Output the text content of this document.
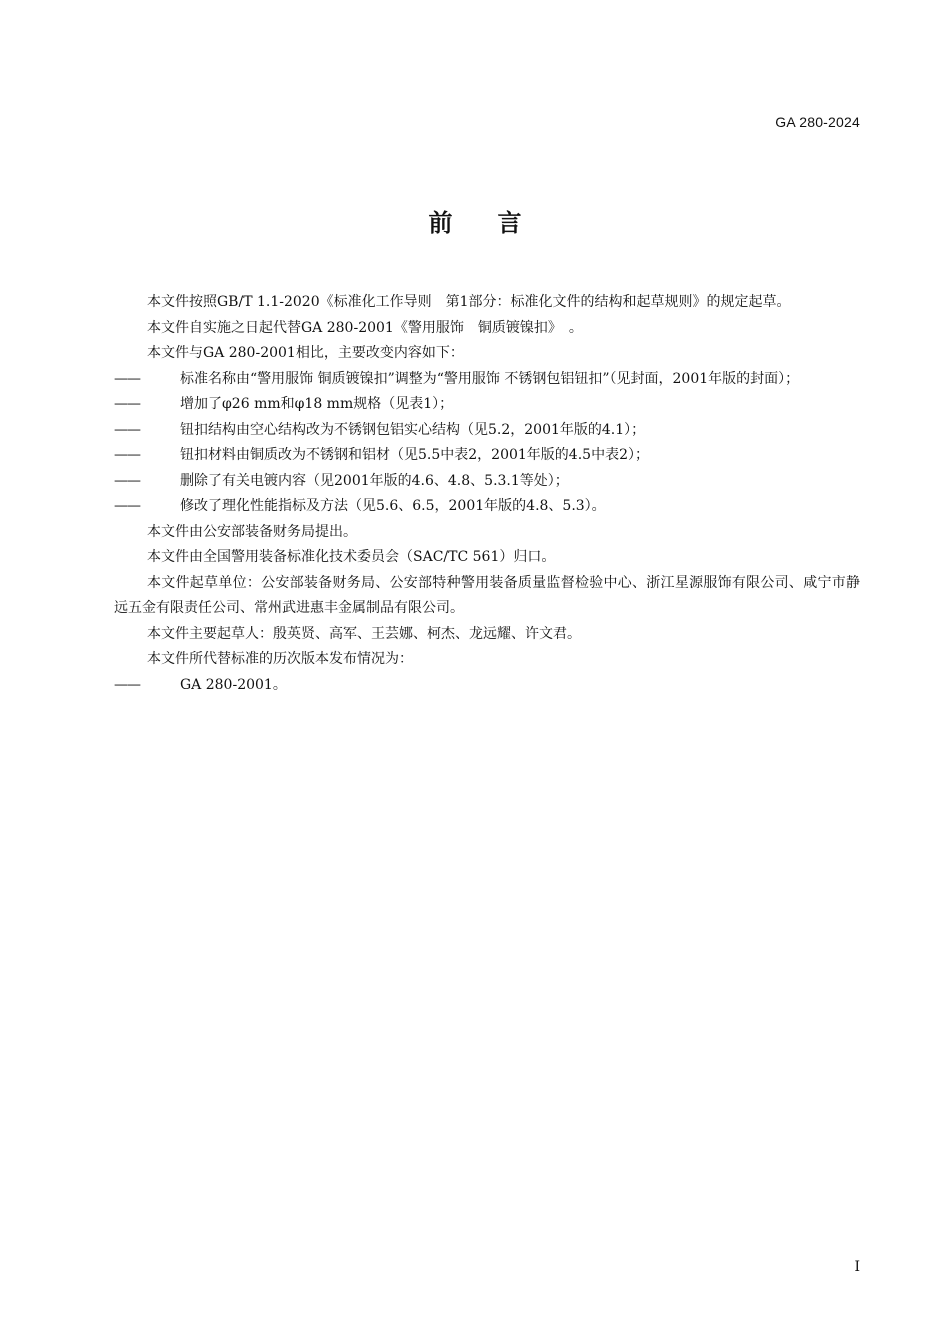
GA 280-2024
前言

本文件按照GB/T 1.1-2020《标准化工作导则　第1部分：标准化文件的结构和起草规则》的规定起草。

本文件自实施之日起代替GA 280-2001《警用服饰　铜质镀镍扣》　。

本文件与GA 280-2001相比，主要改变内容如下：

——	标准名称由“警用服饰 铜质镀镍扣”调整为“警用服饰 不锈钢包铝钮扣”（见封面，2001年版的封面）；

——	增加了φ26 mm和φ18 mm规格（见表1）；

——	钮扣结构由空心结构改为不锈钢包铝实心结构（见5.2，2001年版的4.1）；

——	钮扣材料由铜质改为不锈钢和铝材（见5.5中表2，2001年版的4.5中表2）；

——	删除了有关电镀内容（见2001年版的4.6、4.8、5.3.1等处）；

——	修改了理化性能指标及方法（见5.6、6.5，2001年版的4.8、5.3）。

本文件由公安部装备财务局提出。

本文件由全国警用装备标准化技术委员会（SAC/TC 561）归口。

本文件起草单位：公安部装备财务局、公安部特种警用装备质量监督检验中心、浙江星源服饰有限公司、咸宁市静远五金有限责任公司、常州武进惠丰金属制品有限公司。

本文件主要起草人：殷英贤、高军、王芸娜、柯杰、龙远耀、许文君。

本文件所代替标准的历次版本发布情况为：

——	GA 280-2001。

I
